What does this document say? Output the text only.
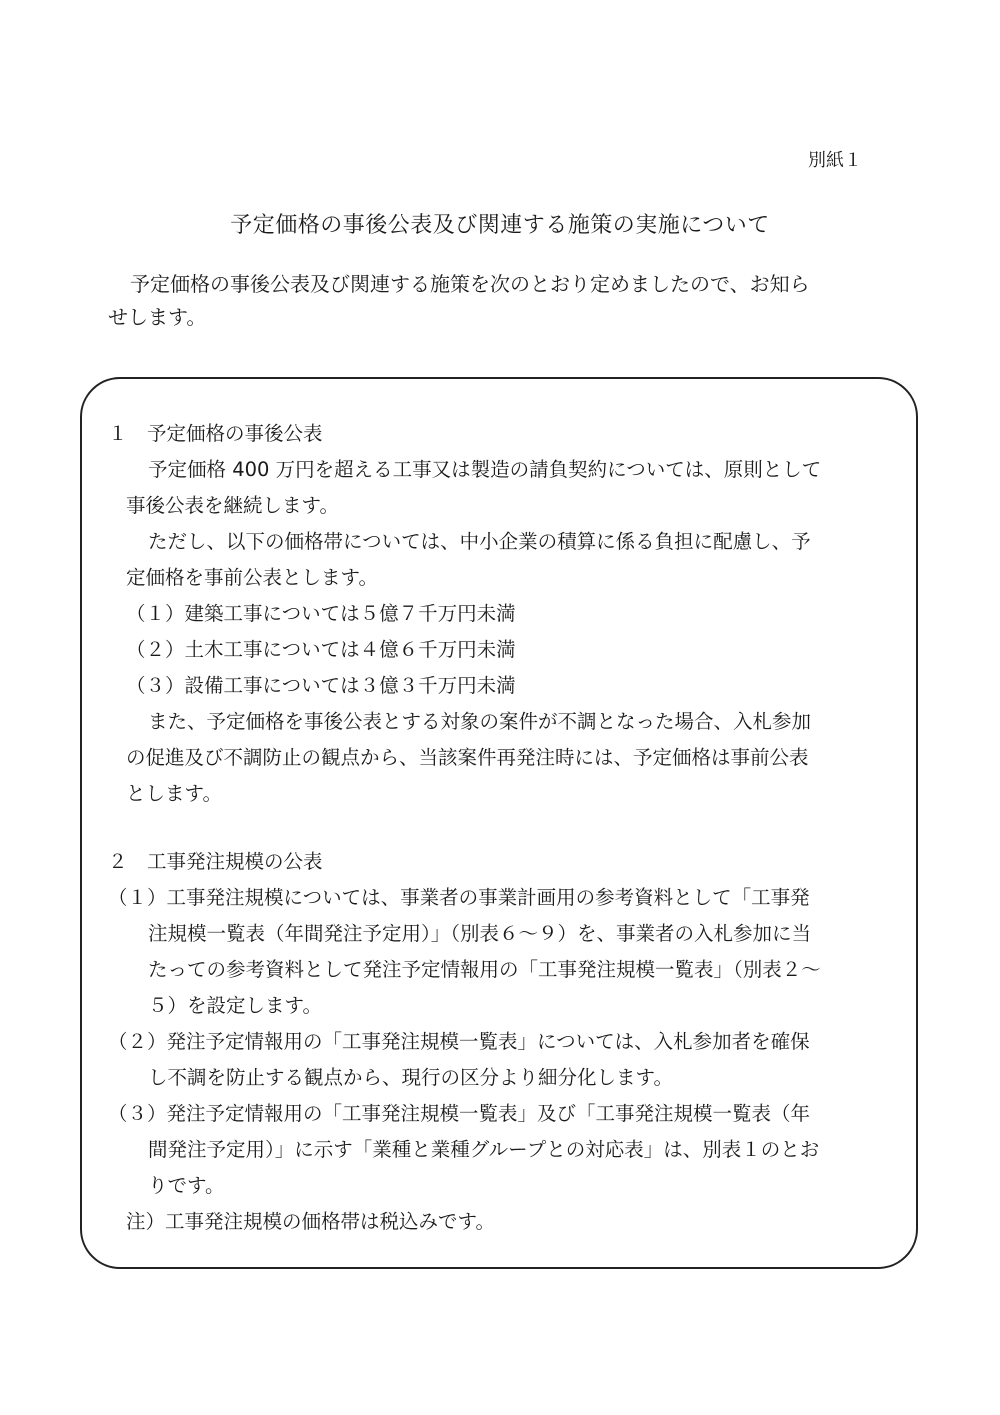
別紙１
予定価格の事後公表及び関連する施策の実施について
予定価格の事後公表及び関連する施策を次のとおり定めましたので、お知ら
せします。
１　予定価格の事後公表
予定価格 400 万円を超える工事又は製造の請負契約については、原則として
事後公表を継続します。
ただし、以下の価格帯については、中小企業の積算に係る負担に配慮し、予
定価格を事前公表とします。
（１）建築工事については５億７千万円未満
（２）土木工事については４億６千万円未満
（３）設備工事については３億３千万円未満
また、予定価格を事後公表とする対象の案件が不調となった場合、入札参加
の促進及び不調防止の観点から、当該案件再発注時には、予定価格は事前公表
とします。
２　工事発注規模の公表
（１）工事発注規模については、事業者の事業計画用の参考資料として「工事発
注規模一覧表（年間発注予定用）」（別表６～９）を、事業者の入札参加に当
たっての参考資料として発注予定情報用の「工事発注規模一覧表」（別表２～
５）を設定します。
（２）発注予定情報用の「工事発注規模一覧表」については、入札参加者を確保
し不調を防止する観点から、現行の区分より細分化します。
（３）発注予定情報用の「工事発注規模一覧表」及び「工事発注規模一覧表（年
間発注予定用）」に示す「業種と業種グループとの対応表」は、別表１のとお
りです。
注）工事発注規模の価格帯は税込みです。
